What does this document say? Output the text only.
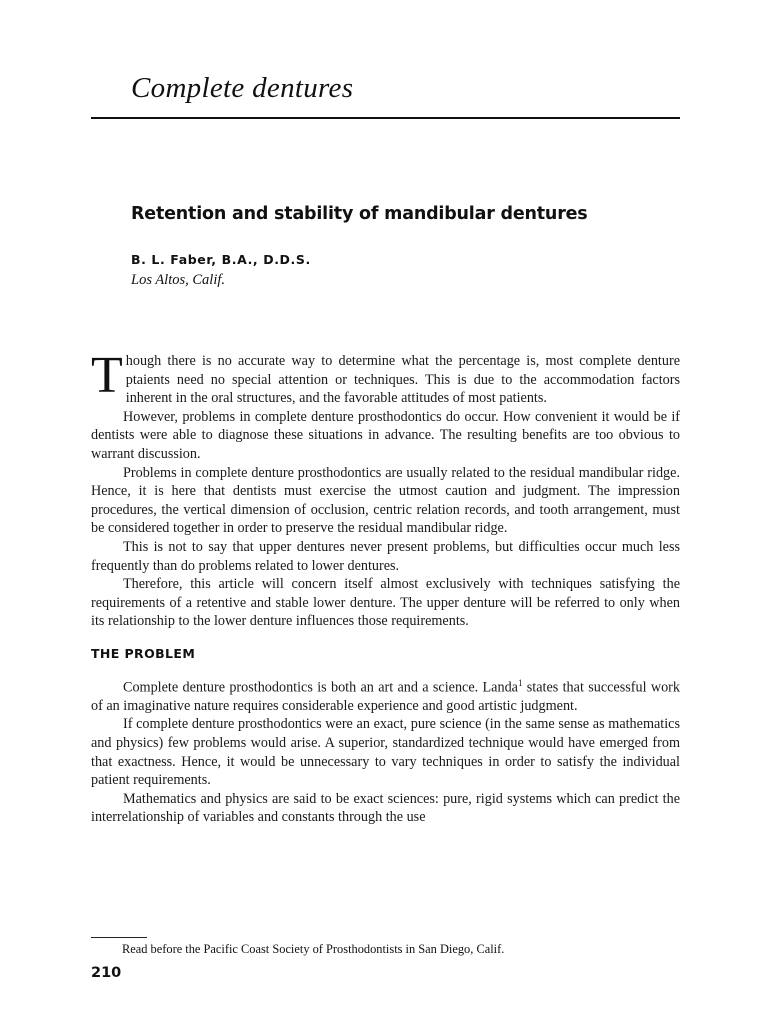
Complete dentures
Retention and stability of mandibular dentures
B. L. Faber, B.A., D.D.S.
Los Altos, Calif.

Though there is no accurate way to determine what the percentage is, most complete denture ptaients need no special attention or techniques. This is due to the accommodation factors inherent in the oral structures, and the favorable attitudes of most patients.

However, problems in complete denture prosthodontics do occur. How convenient it would be if dentists were able to diagnose these situations in advance. The resulting benefits are too obvious to warrant discussion.

Problems in complete denture prosthodontics are usually related to the residual mandibular ridge. Hence, it is here that dentists must exercise the utmost caution and judgment. The impression procedures, the vertical dimension of occlusion, centric relation records, and tooth arrangement, must be considered together in order to preserve the residual mandibular ridge.

This is not to say that upper dentures never present problems, but difficulties occur much less frequently than do problems related to lower dentures.

Therefore, this article will concern itself almost exclusively with techniques satisfying the requirements of a retentive and stable lower denture. The upper denture will be referred to only when its relationship to the lower denture influences those requirements.

THE PROBLEM

Complete denture prosthodontics is both an art and a science. Landa$^1$ states that successful work of an imaginative nature requires considerable experience and good artistic judgment.

If complete denture prosthodontics were an exact, pure science (in the same sense as mathematics and physics) few problems would arise. A superior, standardized technique would have emerged from that exactness. Hence, it would be unnecessary to vary techniques in order to satisfy the individual patient requirements.

Mathematics and physics are said to be exact sciences: pure, rigid systems which can predict the interrelationship of variables and constants through the use

Read before the Pacific Coast Society of Prosthodontists in San Diego, Calif.
210
